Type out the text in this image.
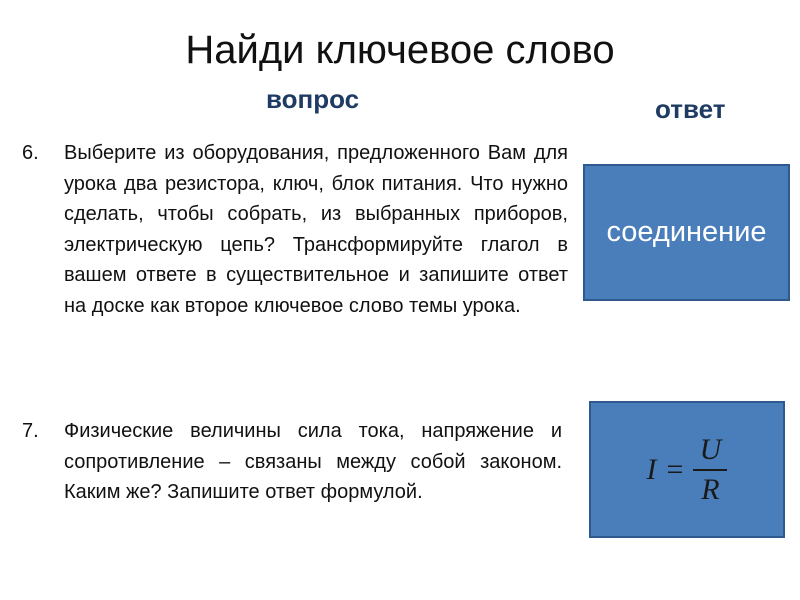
Найди ключевое слово
вопрос	ответ
6. Выберите из оборудования, предложенного Вам для урока два резистора, ключ, блок питания. Что нужно сделать, чтобы собрать, из выбранных приборов, электрическую цепь? Трансформируйте глагол в вашем ответе в существительное и запишите ответ на доске как второе ключевое слово темы урока.
7. Физические величины сила тока, напряжение и сопротивление – связаны между собой законом. Каким же? Запишите ответ формулой.
соединение
$I = \frac{U}{R}$
